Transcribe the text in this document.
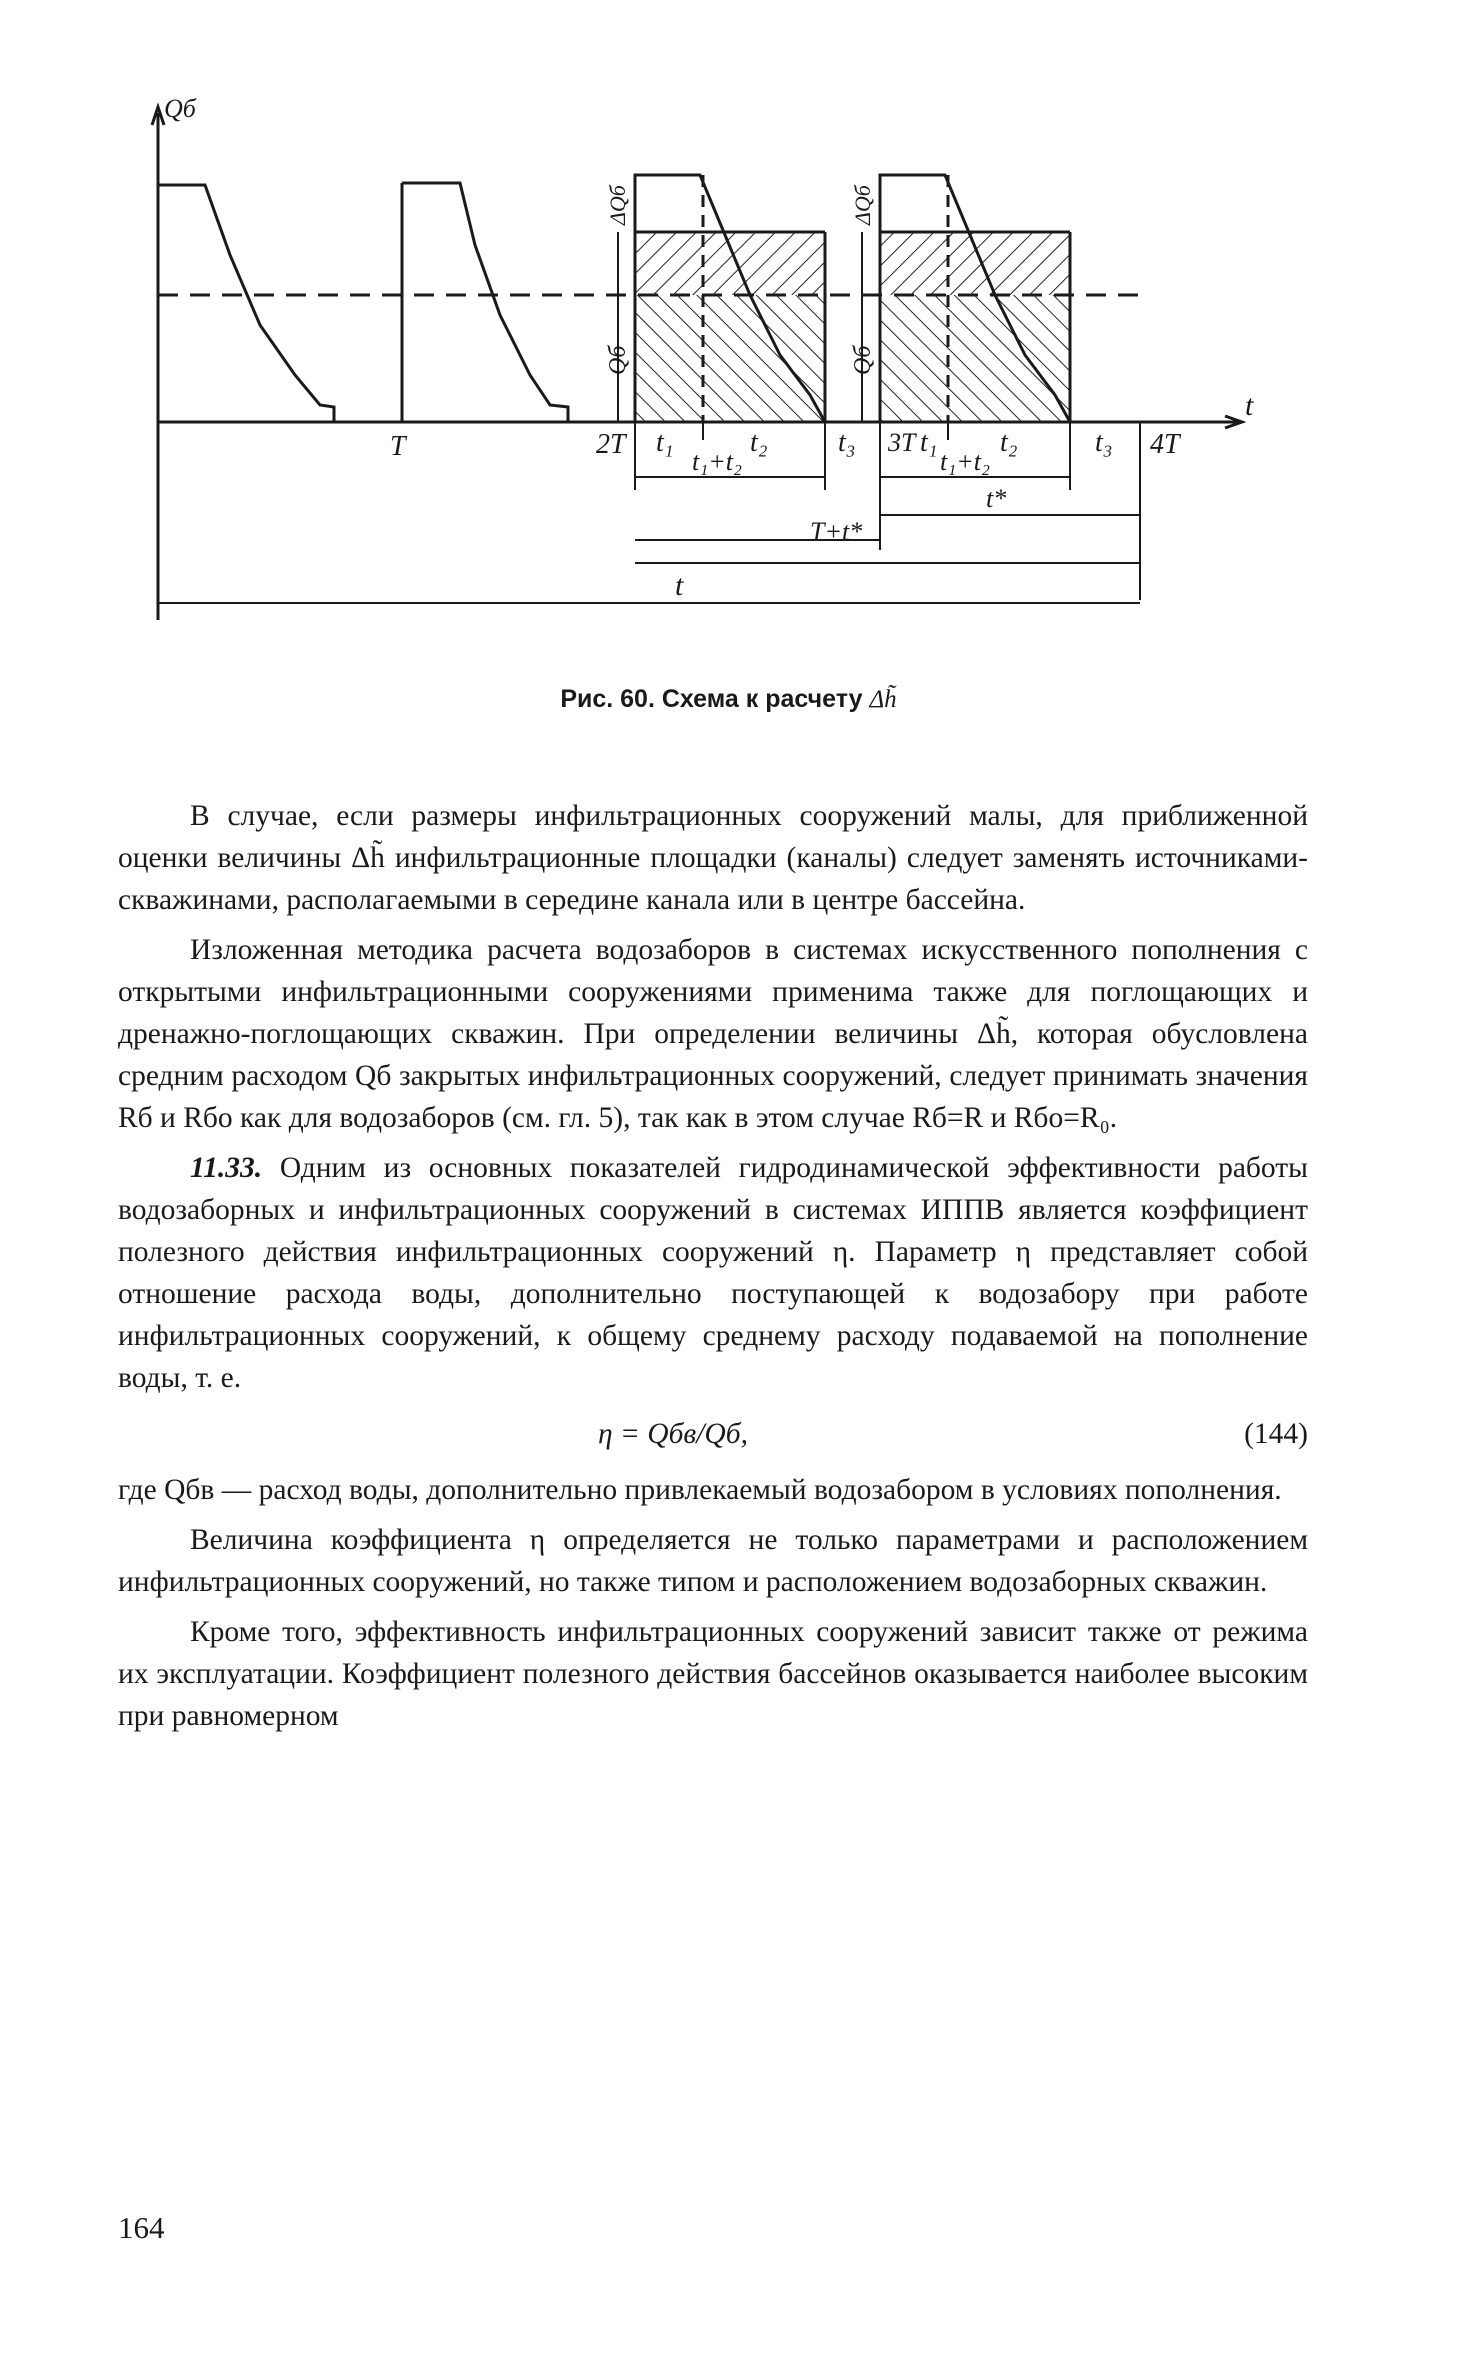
Qб
t
T	2T t₁	t₂	t₃ 3T t₁ t₂	t₃ 4T
t₁+t₂	t₁+t₂
t*
T+t*
t
ΔQб
Qб
ΔQб
Qб
Рис. 60. Схема к расчету Δh̃

В случае, если размеры инфильтрационных сооружений малы, для приближенной оценки величины Δh̃ инфильтрационные площадки (каналы) следует заменять источниками-скважинами, располагаемыми в середине канала или в центре бассейна.

Изложенная методика расчета водозаборов в системах искусственного пополнения с открытыми инфильтрационными сооружениями применима также для поглощающих и дренажно-поглощающих скважин. При определении величины Δh̃, которая обусловлена средним расходом Qб закрытых инфильтрационных сооружений, следует принимать значения Rб и Rбо как для водозаборов (см. гл. 5), так как в этом случае Rб=R и Rбо=R₀.

11.33. Одним из основных показателей гидродинамической эффективности работы водозаборных и инфильтрационных сооружений в системах ИППВ является коэффициент полезного действия инфильтрационных сооружений η. Параметр η представляет собой отношение расхода воды, дополнительно поступающей к водозабору при работе инфильтрационных сооружений, к общему среднему расходу подаваемой на пополнение воды, т. е.

η = Qбв/Qб,	(144)

где Qбв — расход воды, дополнительно привлекаемый водозабором в условиях пополнения.

Величина коэффициента η определяется не только параметрами и расположением инфильтрационных сооружений, но также типом и расположением водозаборных скважин.

Кроме того, эффективность инфильтрационных сооружений зависит также от режима их эксплуатации. Коэффициент полезного действия бассейнов оказывается наиболее высоким при равномерном

164
